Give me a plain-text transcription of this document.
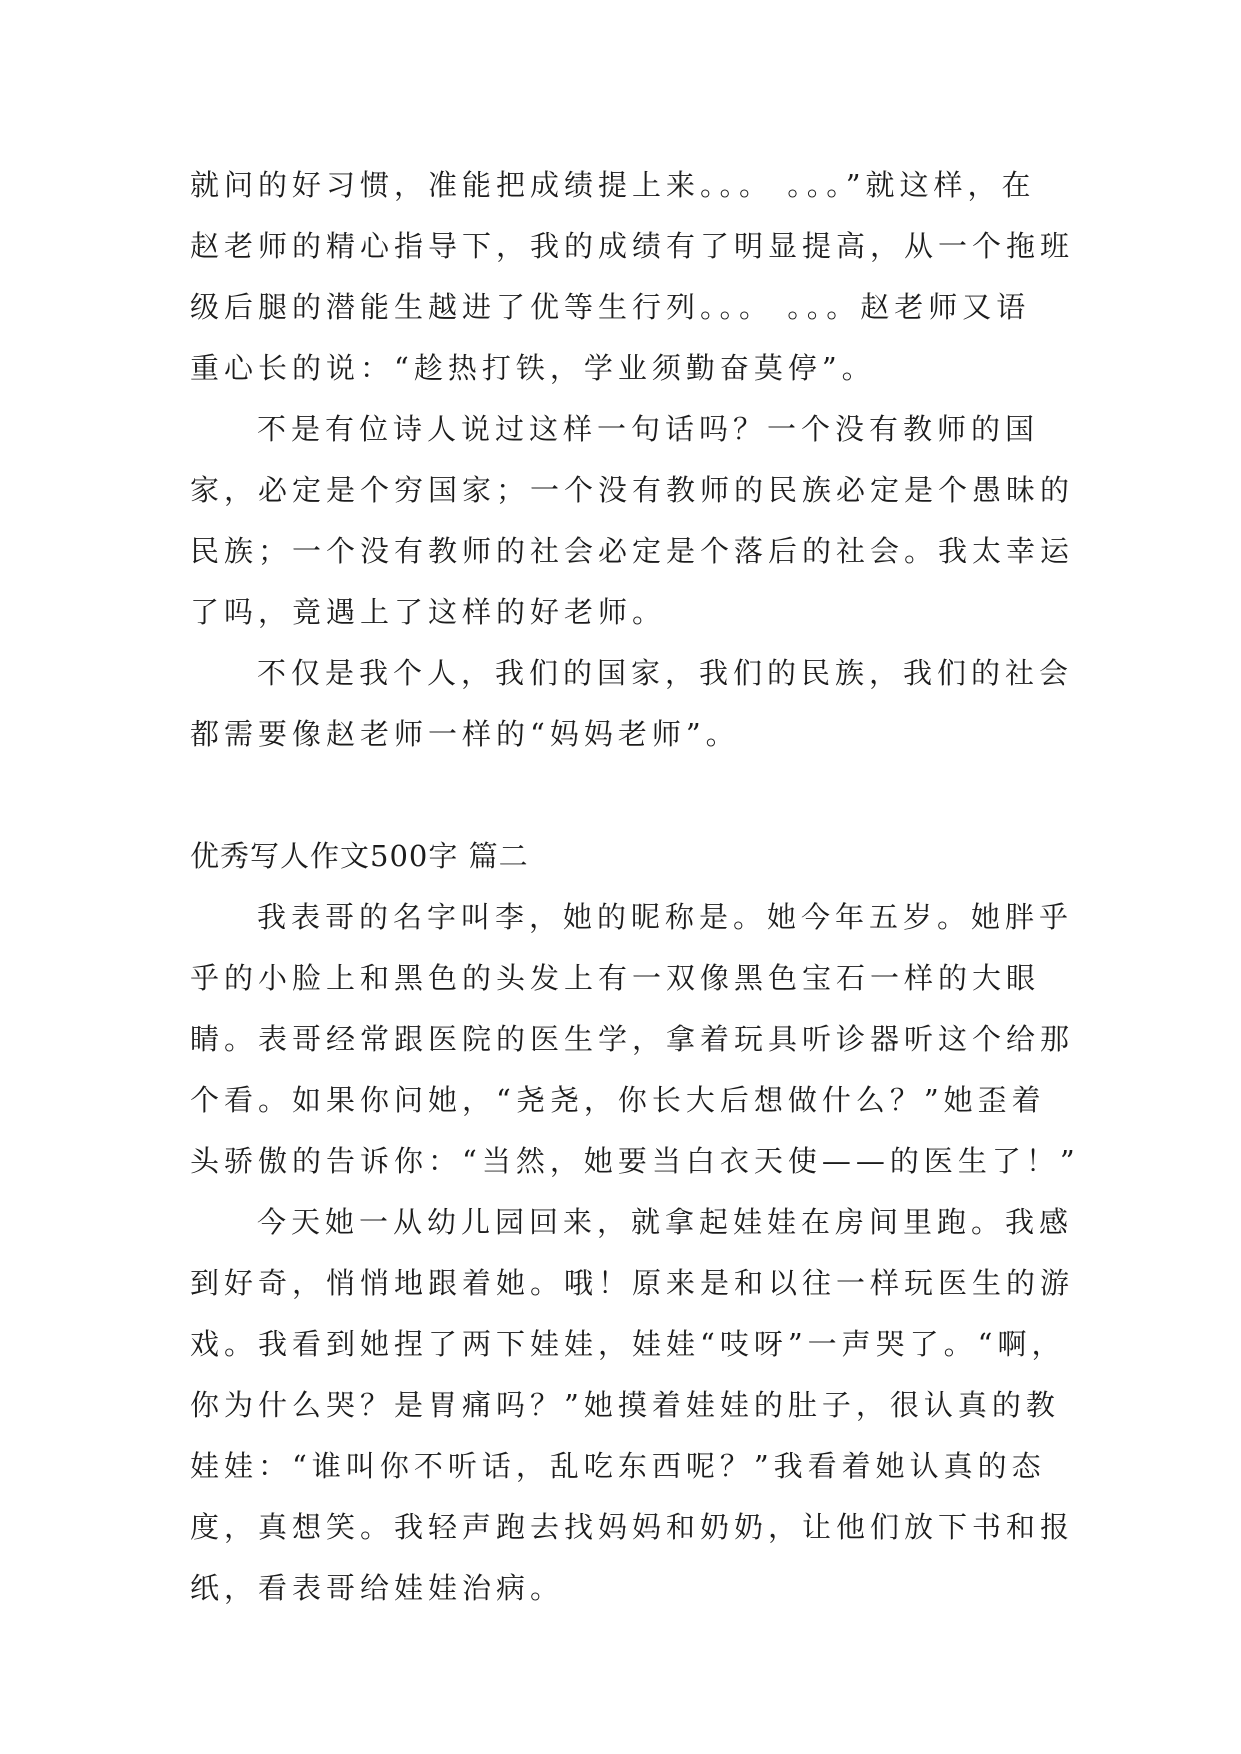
就问的好习惯，准能把成绩提上来。。。 。。。”就这样，在
赵老师的精心指导下，我的成绩有了明显提高，从一个拖班
级后腿的潜能生越进了优等生行列。。。 。。。赵老师又语
重心长的说：“趁热打铁，学业须勤奋莫停”。
不是有位诗人说过这样一句话吗？一个没有教师的国
家，必定是个穷国家；一个没有教师的民族必定是个愚昧的
民族；一个没有教师的社会必定是个落后的社会。我太幸运
了吗，竟遇上了这样的好老师。
不仅是我个人，我们的国家，我们的民族，我们的社会
都需要像赵老师一样的“妈妈老师”。
优秀写人作文500字 篇二
我表哥的名字叫李，她的昵称是。她今年五岁。她胖乎
乎的小脸上和黑色的头发上有一双像黑色宝石一样的大眼
睛。表哥经常跟医院的医生学，拿着玩具听诊器听这个给那
个看。如果你问她，“尧尧，你长大后想做什么？”她歪着
头骄傲的告诉你：“当然，她要当白衣天使——的医生了！”
今天她一从幼儿园回来，就拿起娃娃在房间里跑。我感
到好奇，悄悄地跟着她。哦！原来是和以往一样玩医生的游
戏。我看到她捏了两下娃娃，娃娃“吱呀”一声哭了。“啊，
你为什么哭？是胃痛吗？”她摸着娃娃的肚子，很认真的教
娃娃：“谁叫你不听话，乱吃东西呢？”我看着她认真的态
度，真想笑。我轻声跑去找妈妈和奶奶，让他们放下书和报
纸，看表哥给娃娃治病。
